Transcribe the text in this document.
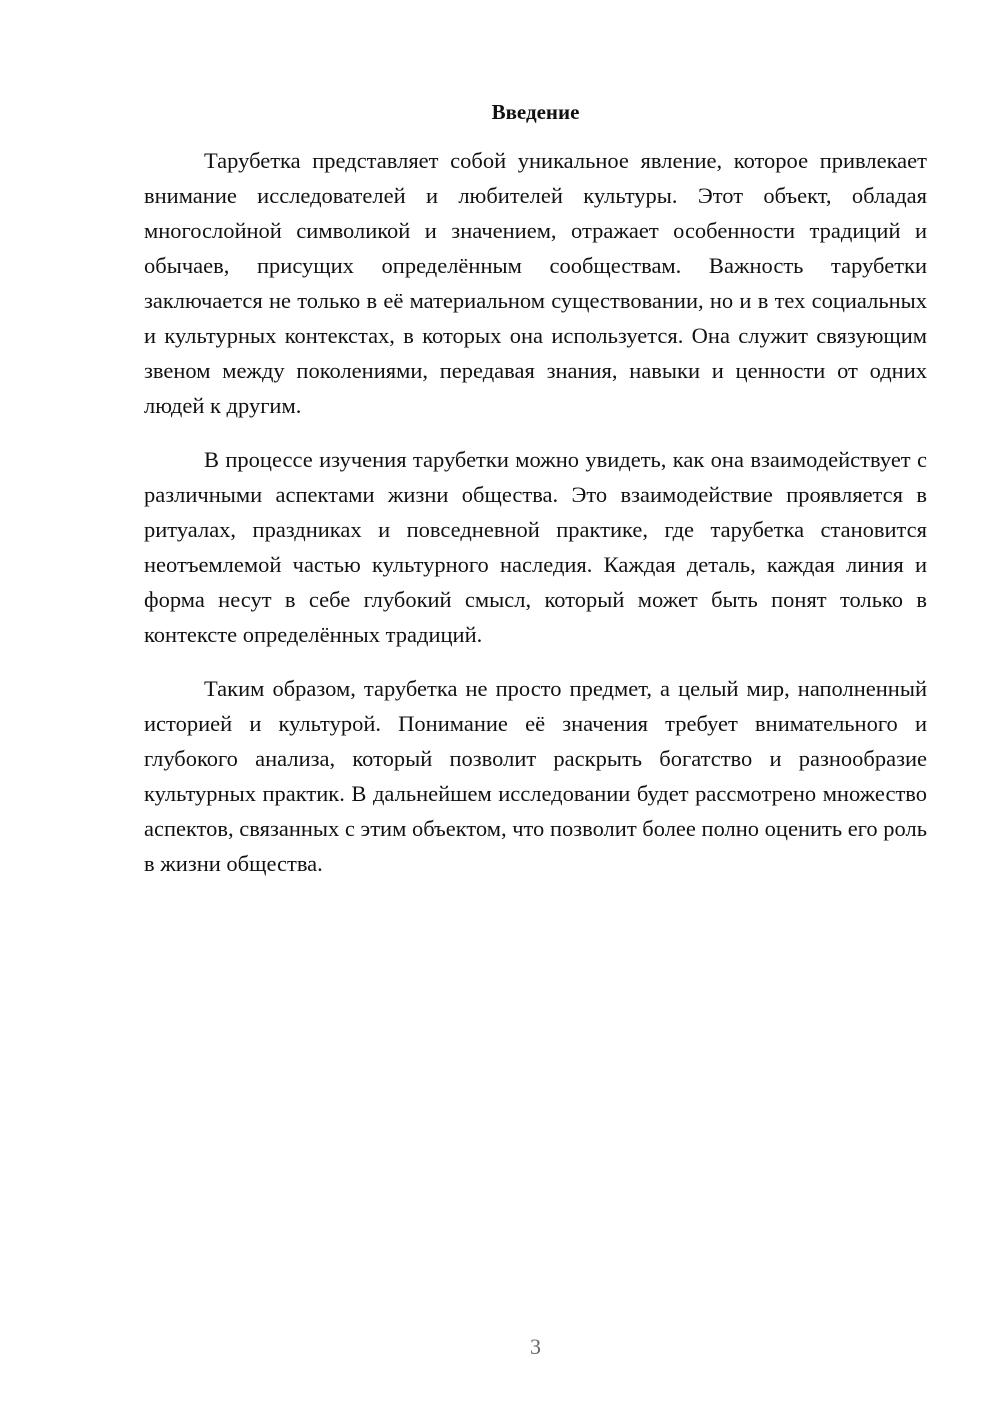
Введение

Тарубетка представляет собой уникальное явление, которое привлекает внимание исследователей и любителей культуры. Этот объект, обладая многослойной символикой и значением, отражает особенности традиций и обычаев, присущих определённым сообществам. Важность тарубетки заключается не только в её материальном существовании, но и в тех социальных и культурных контекстах, в которых она используется. Она служит связующим звеном между поколениями, передавая знания, навыки и ценности от одних людей к другим.

В процессе изучения тарубетки можно увидеть, как она взаимодействует с различными аспектами жизни общества. Это взаимодействие проявляется в ритуалах, праздниках и повседневной практике, где тарубетка становится неотъемлемой частью культурного наследия. Каждая деталь, каждая линия и форма несут в себе глубокий смысл, который может быть понят только в контексте определённых традиций.

Таким образом, тарубетка не просто предмет, а целый мир, наполненный историей и культурой. Понимание её значения требует внимательного и глубокого анализа, который позволит раскрыть богатство и разнообразие культурных практик. В дальнейшем исследовании будет рассмотрено множество аспектов, связанных с этим объектом, что позволит более полно оценить его роль в жизни общества.

3
